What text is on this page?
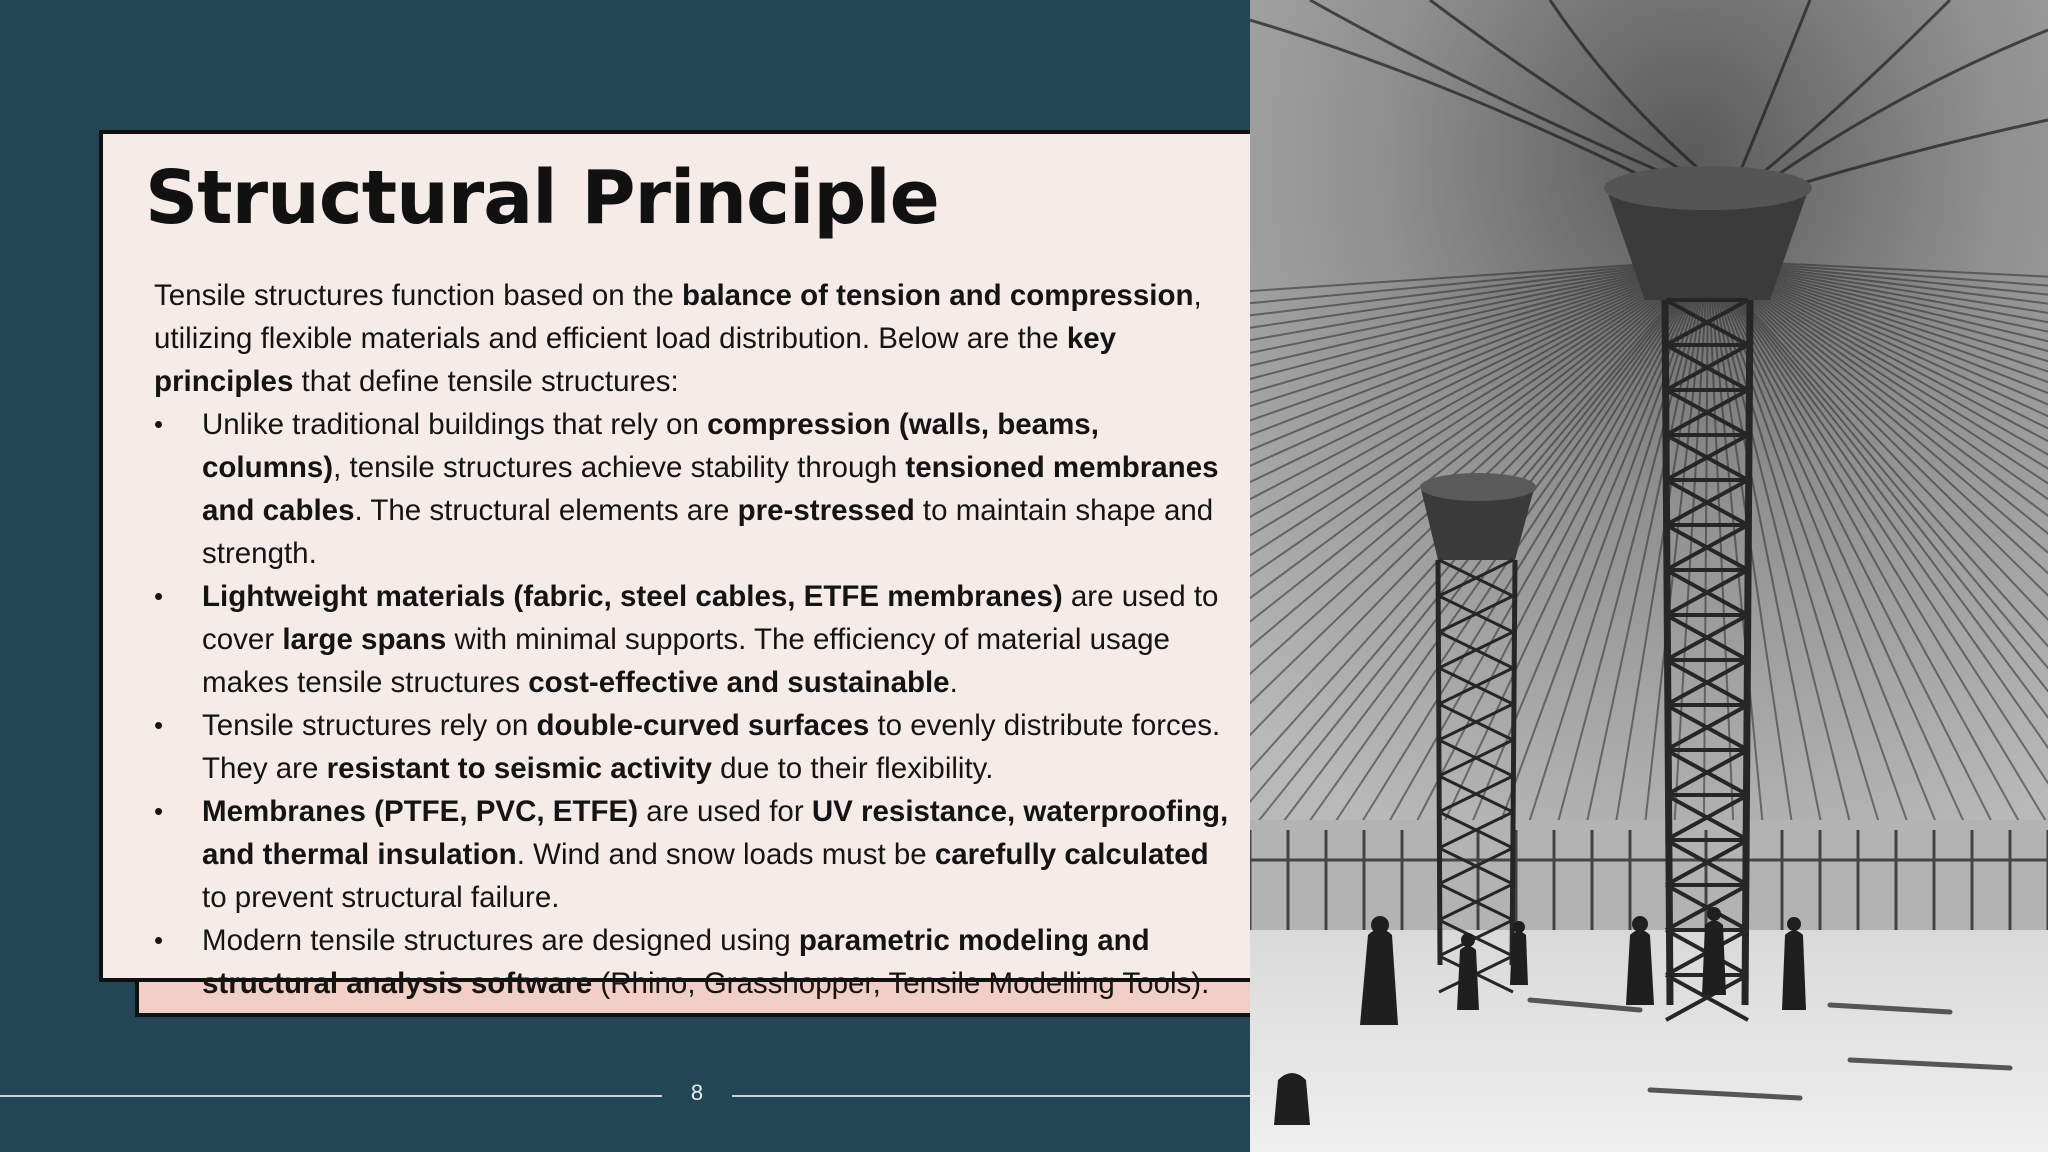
Structural Principle

Tensile structures function based on the balance of tension and compression, utilizing flexible materials and efficient load distribution. Below are the key principles that define tensile structures:

• Unlike traditional buildings that rely on compression (walls, beams, columns), tensile structures achieve stability through tensioned membranes and cables. The structural elements are pre-stressed to maintain shape and strength.
• Lightweight materials (fabric, steel cables, ETFE membranes) are used to cover large spans with minimal supports. The efficiency of material usage makes tensile structures cost-effective and sustainable.
• Tensile structures rely on double-curved surfaces to evenly distribute forces. They are resistant to seismic activity due to their flexibility.
• Membranes (PTFE, PVC, ETFE) are used for UV resistance, waterproofing, and thermal insulation. Wind and snow loads must be carefully calculated to prevent structural failure.
• Modern tensile structures are designed using parametric modeling and structural analysis software (Rhino, Grasshopper, Tensile Modelling Tools).
8
